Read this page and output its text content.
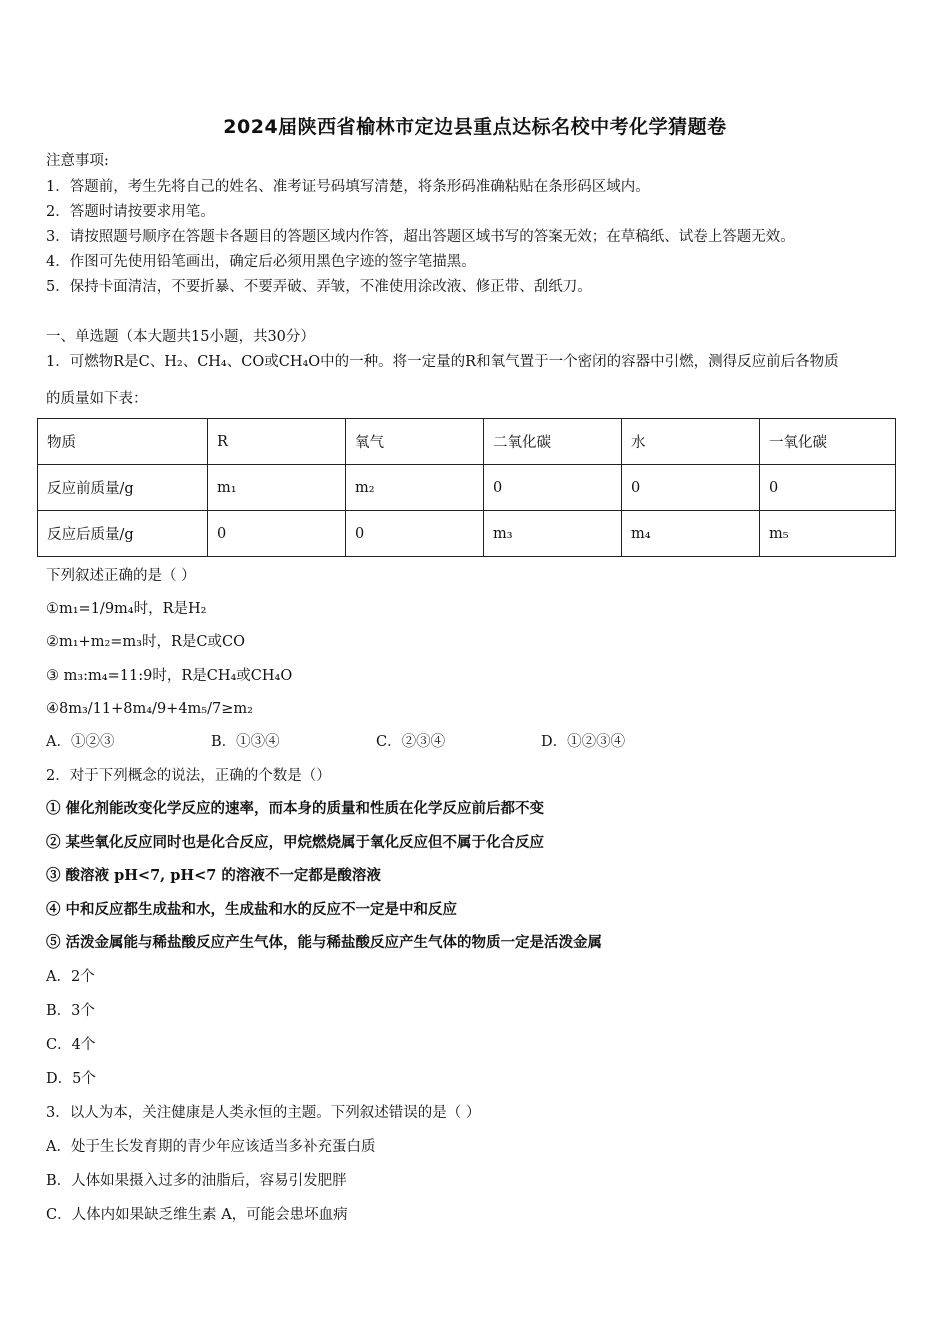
2024届陕西省榆林市定边县重点达标名校中考化学猜题卷
注意事项:
1．答题前，考生先将自己的姓名、准考证号码填写清楚，将条形码准确粘贴在条形码区域内。
2．答题时请按要求用笔。
3．请按照题号顺序在答题卡各题目的答题区域内作答，超出答题区域书写的答案无效；在草稿纸、试卷上答题无效。
4．作图可先使用铅笔画出，确定后必须用黑色字迹的签字笔描黑。
5．保持卡面清洁，不要折暴、不要弄破、弄皱，不准使用涂改液、修正带、刮纸刀。
一、单选题（本大题共15小题，共30分）
1．可燃物R是C、H₂、CH₄、CO或CH₄O中的一种。将一定量的R和氧气置于一个密闭的容器中引燃，测得反应前后各物质
的质量如下表：
物质	R	氧气	二氧化碳	水	一氧化碳
反应前质量/g	m₁	m₂	0	0	0
反应后质量/g	0	0	m₃	m₄	m₅
下列叙述正确的是（ ）
①m₁=1/9m₄时，R是H₂
②m₁+m₂=m₃时，R是C或CO
③ m₃:m₄=11:9时，R是CH₄或CH₄O
④8m₃/11+8m₄/9+4m₅/7≥m₂
A．①②③	B．①③④	C．②③④	D．①②③④
2．对于下列概念的说法，正确的个数是（）
① 催化剂能改变化学反应的速率，而本身的质量和性质在化学反应前后都不变
② 某些氧化反应同时也是化合反应，甲烷燃烧属于氧化反应但不属于化合反应
③ 酸溶液 pH<7, pH<7 的溶液不一定都是酸溶液
④ 中和反应都生成盐和水，生成盐和水的反应不一定是中和反应
⑤ 活泼金属能与稀盐酸反应产生气体，能与稀盐酸反应产生气体的物质一定是活泼金属
A．2个
B．3个
C．4个
D．5个
3．以人为本，关注健康是人类永恒的主题。下列叙述错误的是（ ）
A．处于生长发育期的青少年应该适当多补充蛋白质
B．人体如果摄入过多的油脂后，容易引发肥胖
C．人体内如果缺乏维生素 A，可能会患坏血病
